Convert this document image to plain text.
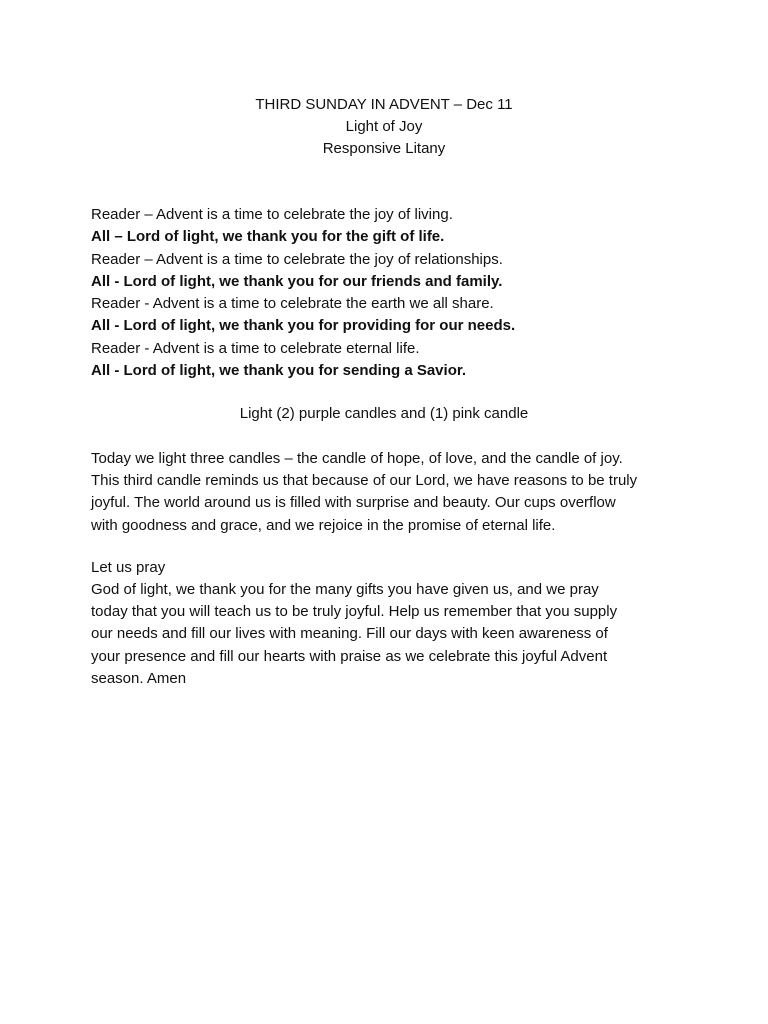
THIRD SUNDAY IN ADVENT – Dec 11
Light of Joy
Responsive Litany
Reader – Advent is a time to celebrate the joy of living.
All – Lord of light, we thank you for the gift of life.
Reader – Advent is a time to celebrate the joy of relationships.
All - Lord of light, we thank you for our friends and family.
Reader - Advent is a time to celebrate the earth we all share.
All - Lord of light, we thank you for providing for our needs.
Reader - Advent is a time to celebrate eternal life.
All - Lord of light, we thank you for sending a Savior.
Light (2) purple candles and (1) pink candle
Today we light three candles – the candle of hope, of love, and the candle of joy.
This third candle reminds us that because of our Lord, we have reasons to be truly
joyful. The world around us is filled with surprise and beauty. Our cups overflow
with goodness and grace, and we rejoice in the promise of eternal life.
Let us pray
God of light, we thank you for the many gifts you have given us, and we pray
today that you will teach us to be truly joyful. Help us remember that you supply
our needs and fill our lives with meaning. Fill our days with keen awareness of
your presence and fill our hearts with praise as we celebrate this joyful Advent
season. Amen
